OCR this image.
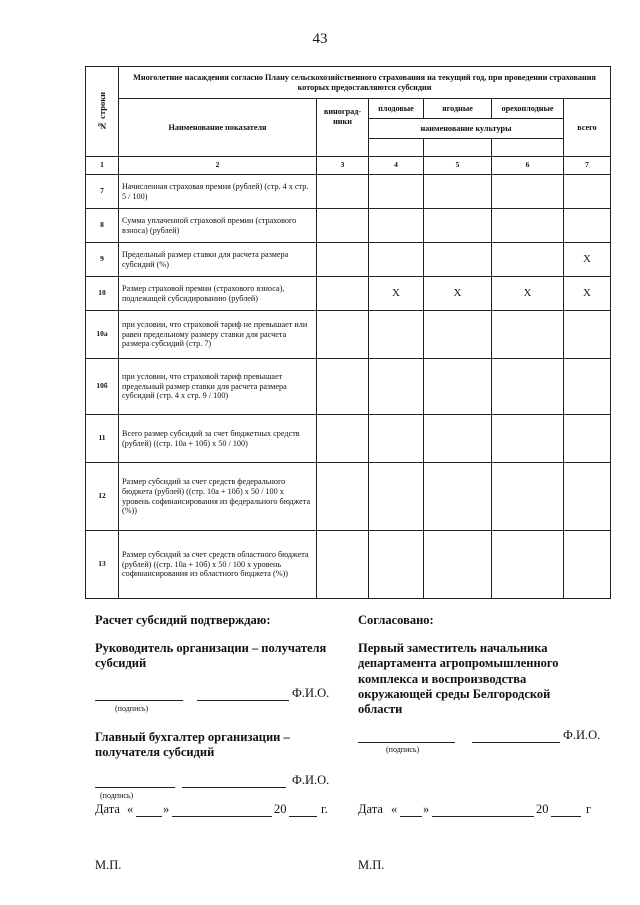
43
№ строки	Многолетние насаждения согласно Плану сельскохозяйственного страхования на текущий год, при проведении страхования которых предоставляются субсидии					
	Наименование показателя	виноград-ники	плодовые	ягодные	орехоплодные	всего
			наименование культуры			

1	2	3	4	5	6	7
7	Начисленная страховая премия (рублей) (стр. 4 х стр. 5 / 100)					
8	Сумма уплаченной страховой премии (страхового взноса) (рублей)					
9	Предельный размер ставки для расчета размера субсидий (%)					X
10	Размер страховой премии (страхового взноса), подлежащей субсидированию (рублей)		X	X	X	X
10а	при условии, что страховой тариф не превышает или равен предельному размеру ставки для расчета размера субсидий (стр. 7)					
10б	при условии, что страховой тариф превышает предельный размер ставки для расчета размера субсидий (стр. 4 х стр. 9 / 100)					
11	Всего размер субсидий за счет бюджетных средств (рублей) ((стр. 10а + 10б) х 50 / 100)					
12	Размер субсидий за счет средств федерального бюджета (рублей) ((стр. 10а + 10б) х 50 / 100 х уровень софинансирования из федерального бюджета (%))					
13	Размер субсидий за счет средств областного бюджета (рублей) ((стр. 10а + 10б) х 50 / 100 х уровень софинансирования из областного бюджета (%))					
Расчет субсидий подтверждаю:	Согласовано:
Руководитель организации – получателя субсидий
Первый заместитель начальника департамента агропромышленного комплекса и воспроизводства окружающей среды Белгородской области
Ф.И.О.
(подпись)
Главный бухгалтер организации – получателя субсидий
Ф.И.О.
(подпись)
Ф.И.О.
(подпись)
Дата « »	20	г. Дата « »	20	г
М.П.	М.П.
